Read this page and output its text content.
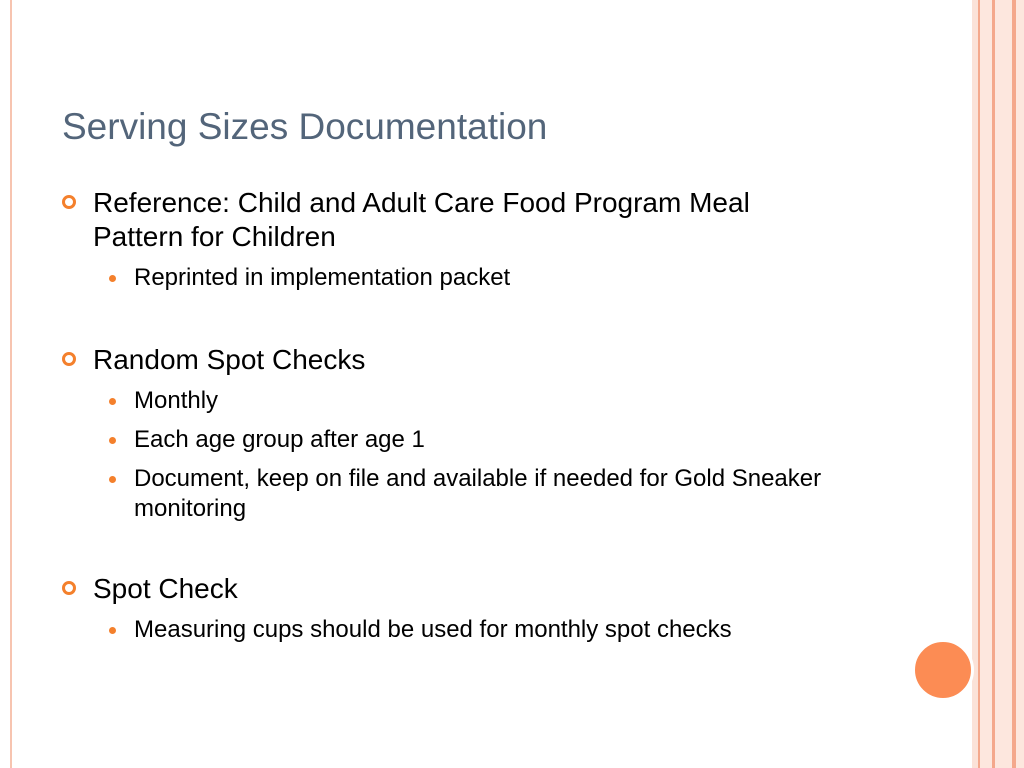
Serving Sizes Documentation
Reference: Child and Adult Care Food Program Meal Pattern for Children
Reprinted in implementation packet
Random Spot Checks
Monthly
Each age group after age 1
Document, keep on file and available if needed for Gold Sneaker monitoring
Spot Check
Measuring cups should be used for monthly spot checks
